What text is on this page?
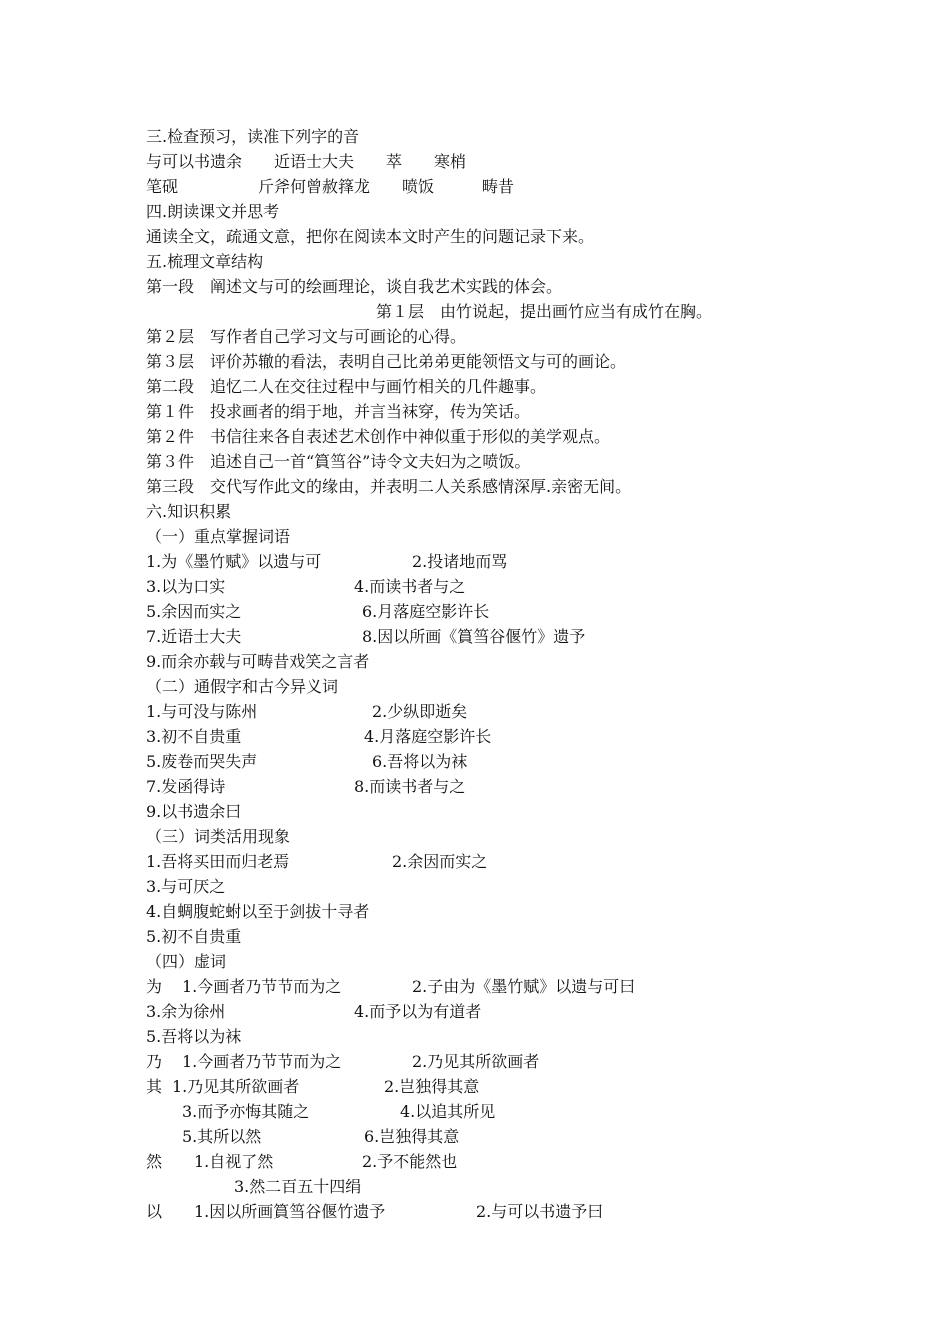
三.检查预习，读准下列字的音

与可以书遗余　　近语士大夫　　萃　　寒梢

笔砚　　　　　斤斧何曾赦箨龙　　喷饭　　　畴昔

四.朗读课文并思考

通读全文，疏通文意，把你在阅读本文时产生的问题记录下来。

五.梳理文章结构

第一段　阐述文与可的绘画理论，谈自我艺术实践的体会。

第１层　由竹说起，提出画竹应当有成竹在胸。

第２层　写作者自己学习文与可画论的心得。

第３层　评价苏辙的看法，表明自己比弟弟更能领悟文与可的画论。

第二段　追忆二人在交往过程中与画竹相关的几件趣事。

第１件　投求画者的绢于地，并言当袜穿，传为笑话。

第２件　书信往来各自表述艺术创作中神似重于形似的美学观点。

第３件　追述自己一首“篔筜谷”诗令文夫妇为之喷饭。

第三段　交代写作此文的缘由，并表明二人关系感情深厚.亲密无间。

六.知识积累

（一）重点掌握词语

1.为《墨竹赋》以遗与可	2.投诸地而骂

3.以为口实	4.而读书者与之

5.余因而实之	6.月落庭空影许长

7.近语士大夫	8.因以所画《篔筜谷偃竹》遗予

9.而余亦载与可畴昔戏笑之言者

（二）通假字和古今异义词

1.与可没与陈州	2.少纵即逝矣

3.初不自贵重	4.月落庭空影许长

5.废卷而哭失声	6.吾将以为袜

7.发函得诗	8.而读书者与之

9.以书遗余曰

（三）词类活用现象

1.吾将买田而归老焉	2.余因而实之

3.与可厌之

4.自蜩腹蛇蚹以至于剑拔十寻者

5.初不自贵重

（四）虚词

为 1.今画者乃节节而为之	2.子由为《墨竹赋》以遗与可曰

3.余为徐州	4.而予以为有道者

5.吾将以为袜

乃 1.今画者乃节节而为之	2.乃见其所欲画者

其 1.乃见其所欲画者	2.岂独得其意

3.而予亦悔其随之	4.以追其所见

5.其所以然	6.岂独得其意

然 1.自视了然	2.予不能然也

3.然二百五十四绢

以 1.因以所画篔筜谷偃竹遗予	2.与可以书遗予曰
